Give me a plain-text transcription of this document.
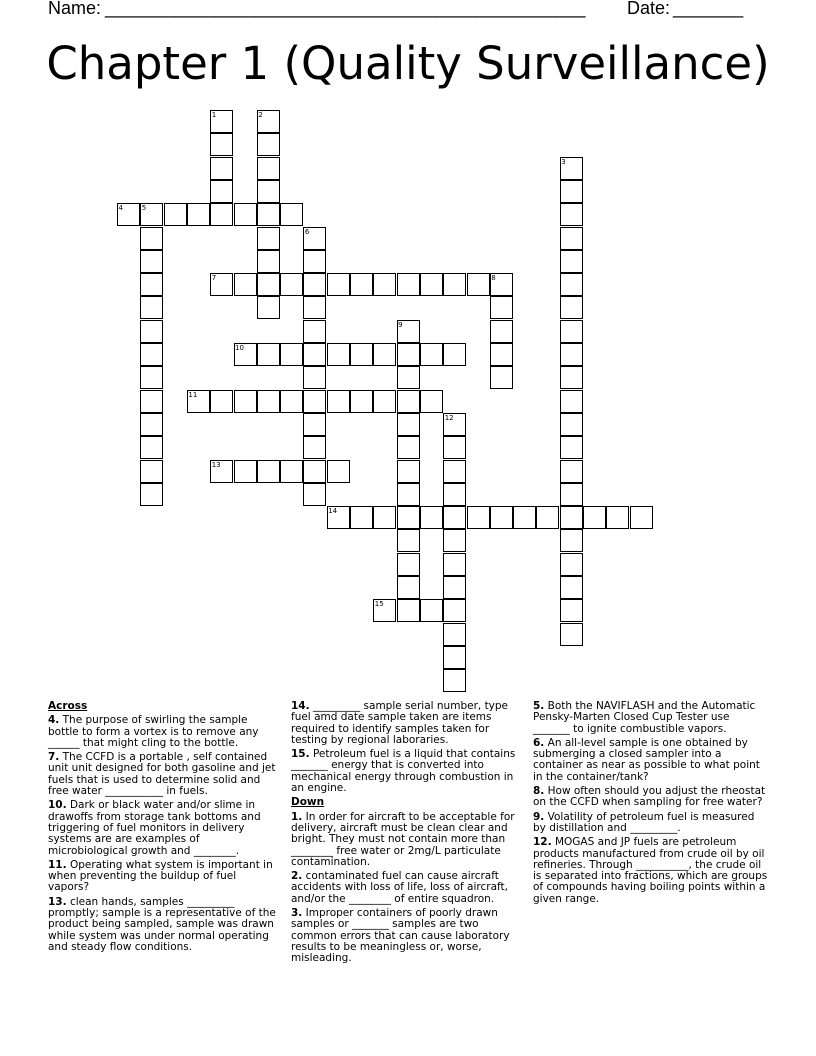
Name:
________________________________________________ Date:
_______
Chapter 1 (Quality Surveillance)
1	2
3
4	5
6
7	8
9
10
11
12
13
14
15

Across

4. The purpose of swirling the sample bottle to form a vortex is to remove any ______ that might cling to the bottle.

7. The CCFD is a portable , self contained unit unit designed for both gasoline and jet fuels that is used to determine solid and free water ___________ in fuels.

10. Dark or black water and/or slime in drawoffs from storage tank bottoms and triggering of fuel monitors in delivery systems are are examples of microbiological growth and ________.

11. Operating what system is important in when preventing the buildup of fuel vapors?

13. clean hands, samples _________ promptly; sample is a representative of the product being sampled, sample was drawn while system was under normal operating and steady flow conditions.

14. _________ sample serial number, type fuel amd date sample taken are items required to identify samples taken for testing by regional laboraries.

15. Petroleum fuel is a liquid that contains _______ energy that is converted into mechanical energy through combustion in an engine.

Down

1. In order for aircraft to be acceptable for delivery, aircraft must be clean clear and bright. They must not contain more than ________ free water or 2mg/L particulate contamination.

2. contaminated fuel can cause aircraft accidents with loss of life, loss of aircraft, and/or the ________ of entire squadron.

3. Improper containers of poorly drawn samples or _______ samples are two common errors that can cause laboratory results to be meaningless or, worse, misleading.

5. Both the NAVIFLASH and the Automatic Pensky-Marten Closed Cup Tester use _______ to ignite combustible vapors.

6. An all-level sample is one obtained by submerging a closed sampler into a container as near as possible to what point in the container/tank?

8. How often should you adjust the rheostat on the CCFD when sampling for free water?

9. Volatility of petroleum fuel is measured by distillation and _________.

12. MOGAS and JP fuels are petroleum products manufactured from crude oil by oil refineries. Through __________, the crude oil is separated into fractions, which are groups of compounds having boiling points within a given range.
